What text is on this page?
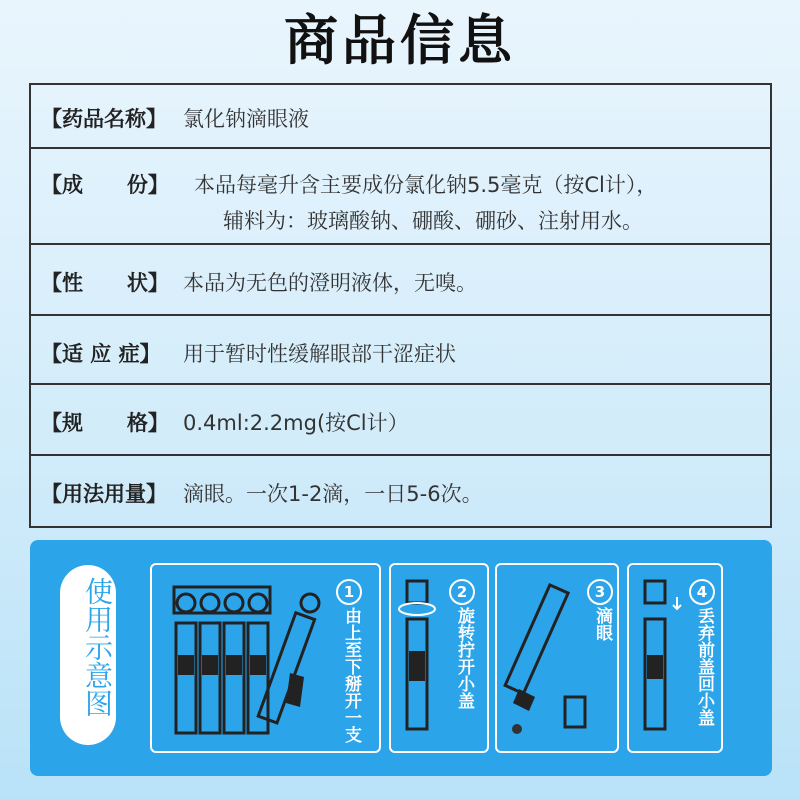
商品信息
【药品名称】 氯化钠滴眼液
【成      份】 本品每毫升含主要成份氯化钠5.5毫克（按Cl计），
辅料为：玻璃酸钠、硼酸、硼砂、注射用水。
【性      状】 本品为无色的澄明液体，无嗅。
【适 应 症】 用于暂时性缓解眼部干涩症状
【规      格】 0.4ml:2.2mg(按Cl计）
【用法用量】 滴眼。一次1-2滴，一日5-6次。
使用示意图	1
由上至下掰开一支
2
旋转拧开小盖
3
滴眼
4
丢弃前盖回小盖
